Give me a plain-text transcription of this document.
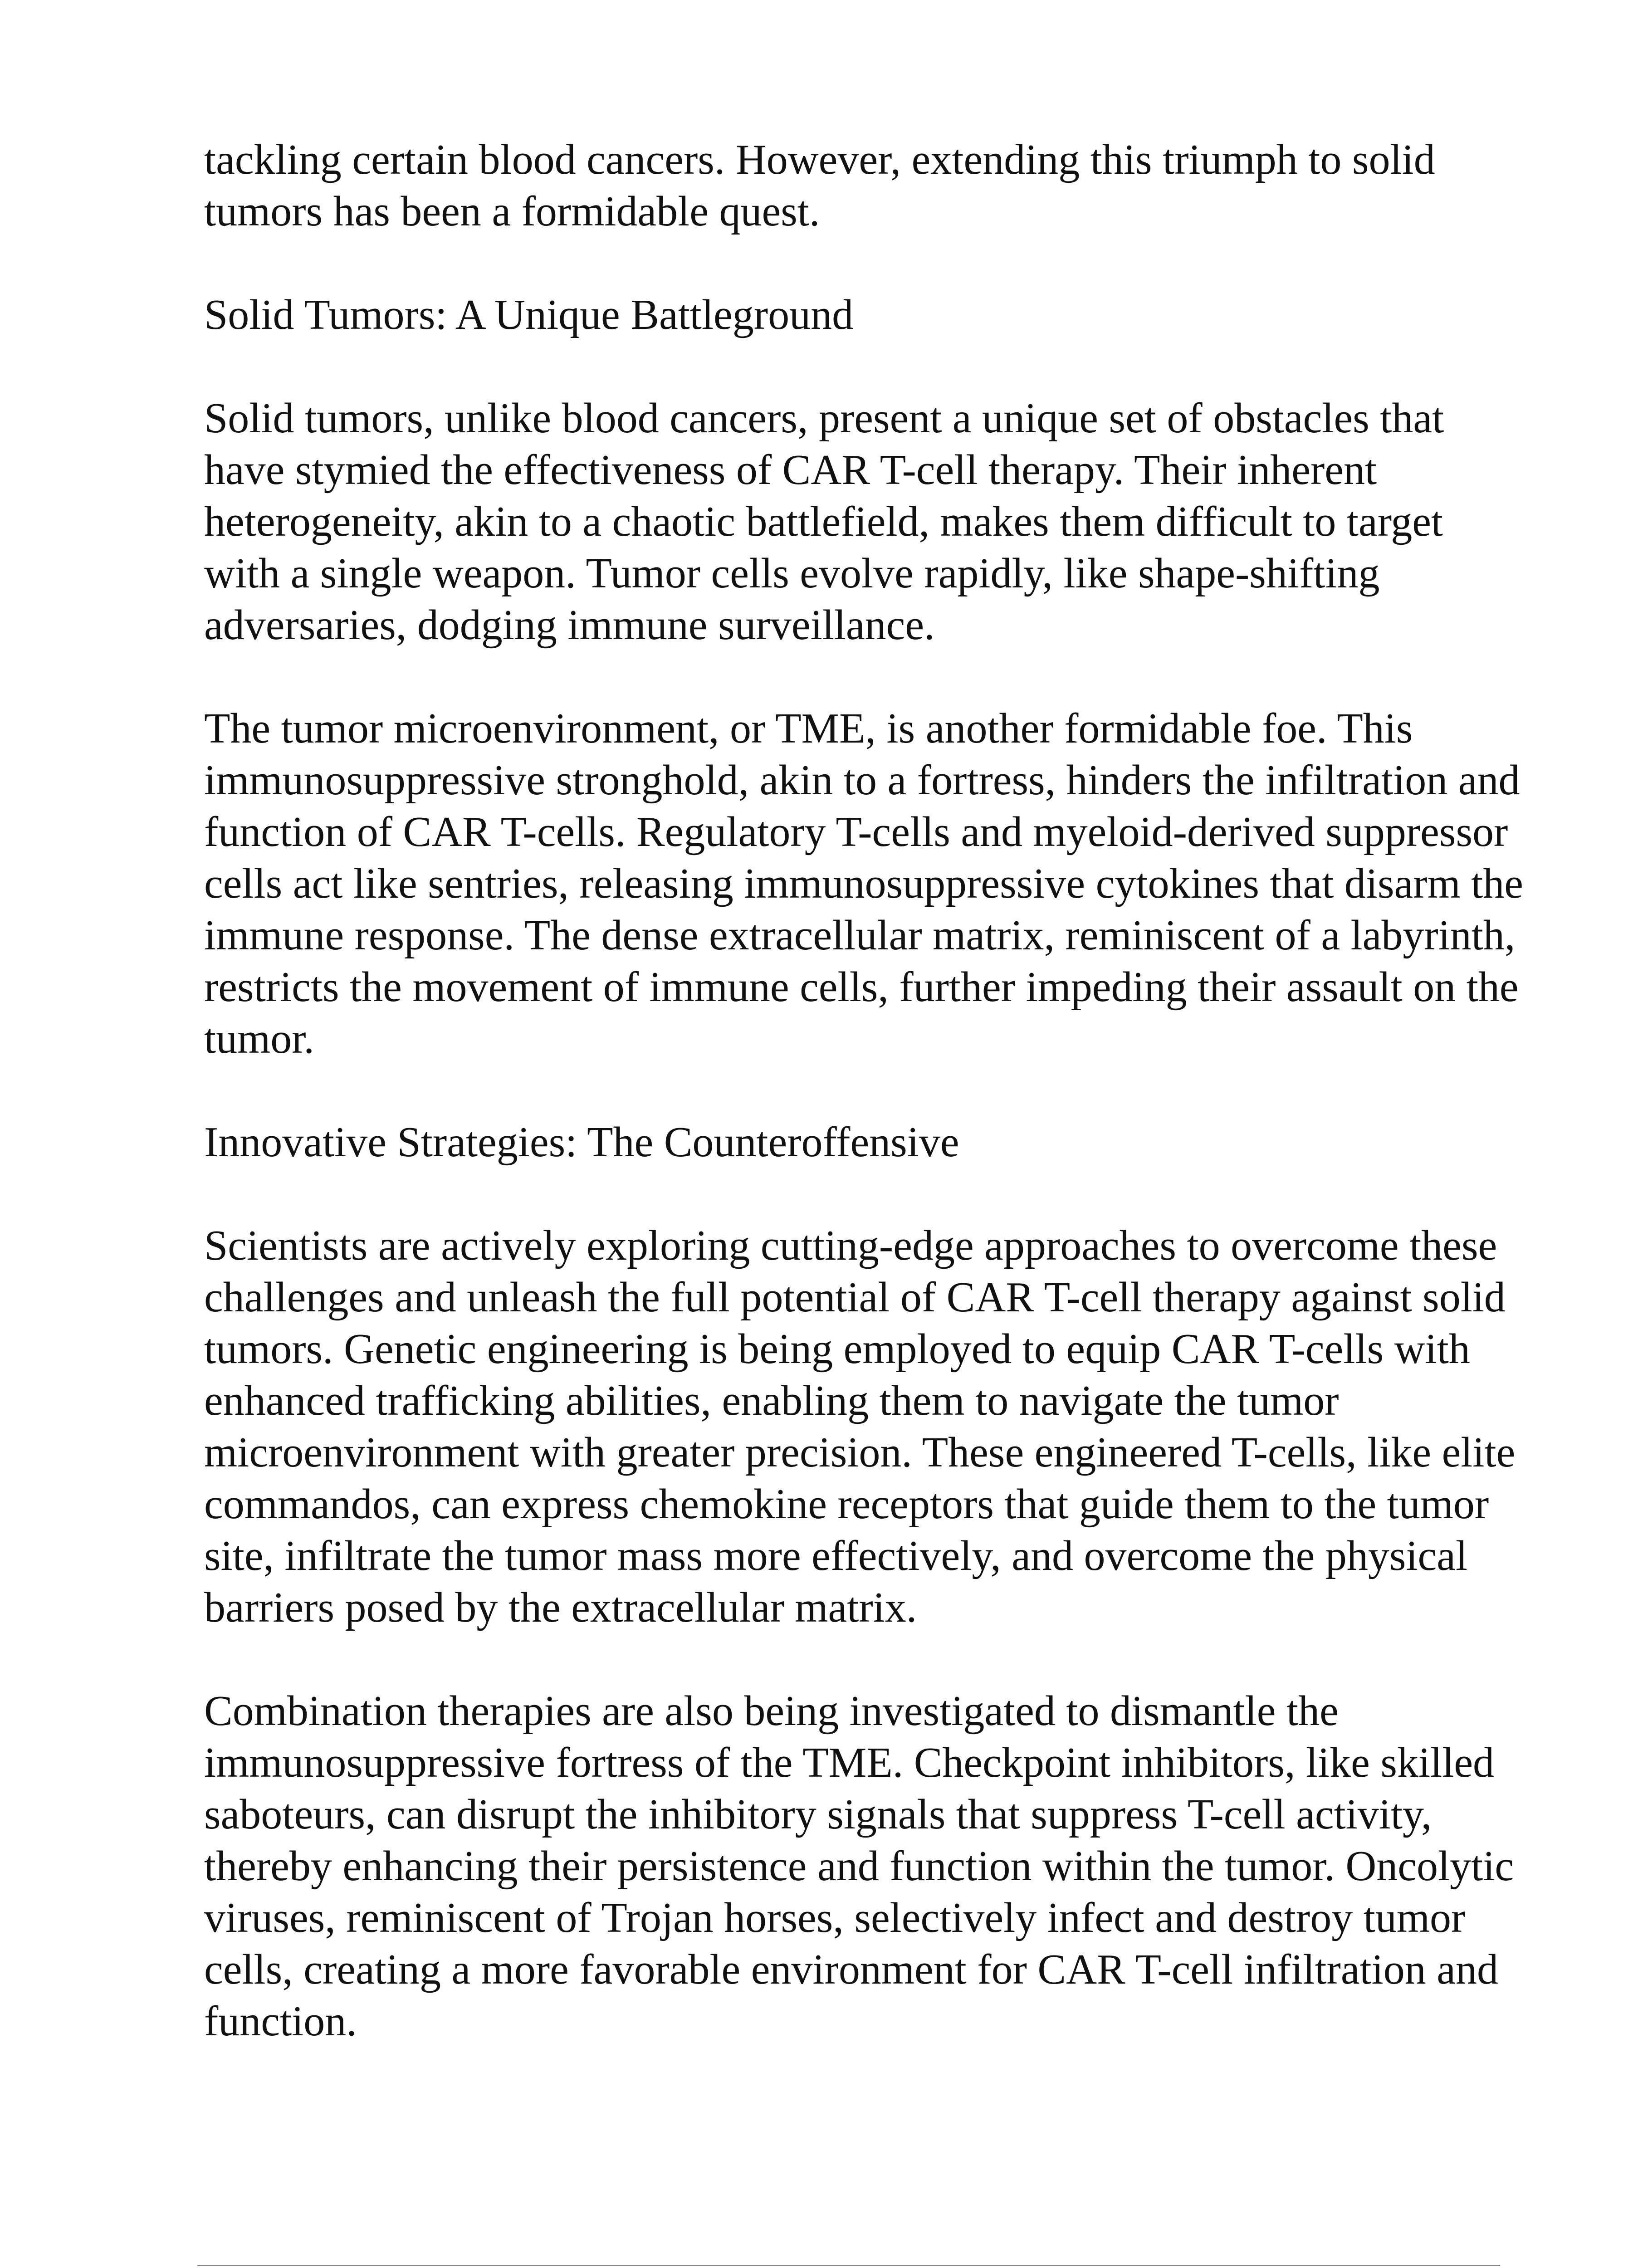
tackling certain blood cancers. However, extending this triumph to solid tumors has been a formidable quest.

Solid Tumors: A Unique Battleground

Solid tumors, unlike blood cancers, present a unique set of obstacles that have stymied the effectiveness of CAR T-cell therapy. Their inherent heterogeneity, akin to a chaotic battlefield, makes them difficult to target with a single weapon. Tumor cells evolve rapidly, like shape-shifting adversaries, dodging immune surveillance.

The tumor microenvironment, or TME, is another formidable foe. This immunosuppressive stronghold, akin to a fortress, hinders the infiltration and function of CAR T-cells. Regulatory T-cells and myeloid-derived suppressor cells act like sentries, releasing immunosuppressive cytokines that disarm the immune response. The dense extracellular matrix, reminiscent of a labyrinth, restricts the movement of immune cells, further impeding their assault on the tumor.

Innovative Strategies: The Counteroffensive

Scientists are actively exploring cutting-edge approaches to overcome these challenges and unleash the full potential of CAR T-cell therapy against solid tumors. Genetic engineering is being employed to equip CAR T-cells with enhanced trafficking abilities, enabling them to navigate the tumor microenvironment with greater precision. These engineered T-cells, like elite commandos, can express chemokine receptors that guide them to the tumor site, infiltrate the tumor mass more effectively, and overcome the physical barriers posed by the extracellular matrix.

Combination therapies are also being investigated to dismantle the immunosuppressive fortress of the TME. Checkpoint inhibitors, like skilled saboteurs, can disrupt the inhibitory signals that suppress T-cell activity, thereby enhancing their persistence and function within the tumor. Oncolytic viruses, reminiscent of Trojan horses, selectively infect and destroy tumor cells, creating a more favorable environment for CAR T-cell infiltration and function.
